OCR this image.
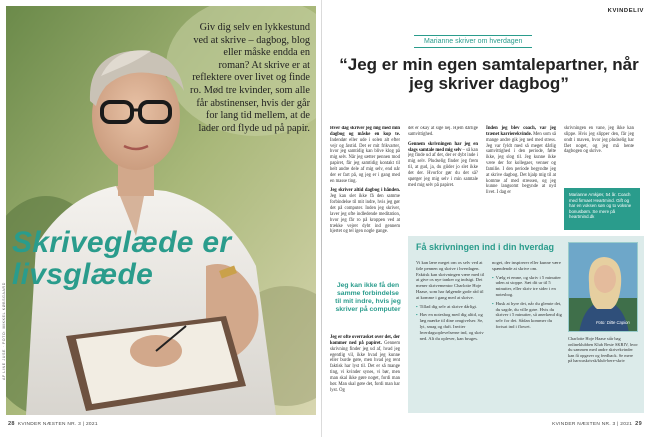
Giv dig selv en lykkestund ved at skrive – dagbog, blog eller måske endda en roman? At skrive er at reflektere over livet og finde ro. Mød tre kvinder, som alle får abstinenser, hvis der går for lang tid mellem, at de lader ord flyde ud på papir.
Skriveglæde er livsglæde
AF LINE JUSE · FOTO: MIKKEL KØBSGAARD
28 KVINDER NÆSTEN NR. 3 | 2021
KVINDELIV
Marianne skriver om hverdagen
“Jeg er min egen samtalepartner, når jeg skriver dagbog”

Hver dag skriver jeg mig med min dagbog og måske en kop te. Indendør eller ude i solen alt efter vejr og årstid. Det er mit frikvarter, hvor jeg samtidig kan blive klog på mig selv. Når jeg sætter pennen mod papiret, får jeg samtidig kontakt til helt andre dele af mig selv, end når der er fart på, og jeg er i gang med en masse ting.

Jeg skriver altid dagbog i hånden. Jeg kan slet ikke få den samme forbindelse til mit indre, hvis jeg gør det på computer. Inden jeg skriver, laver jeg ofte indledende meditation, hvor jeg får ro på kroppen ved at trække vejret dybt ind gennem hjertet og tel igen nogle gange.

Jeg kan ikke få den samme forbindelse til mit indre, hvis jeg skriver på computer

Jeg er ofte overrasket over det, der kommer ned på papiret. Gennem skrivning finder jeg ud af, hvad jeg egentlig vil, ikke hvad jeg kunne eller burde gøre, men hvad jeg rent faktisk har lyst til. Det er så mange ting, vi kvinder synes, vi bør, men man skal ikke gøre noget, fordi man bør. Man skal gøre det, fordi man har lyst. Og

det er okay at sige nej. Hjem dårlige samvittighed.

Gennem skrivningen har jeg en slags samtale med mig selv – så kan jeg finde ud af det, der er dybt inde i mig selv. Pludselig finder jeg frem til, at gud, ja, du giider jo slet ikke det der. Hvorfor gør du det så? spørger jeg mig selv i min samtale med mig selv på papiret.

Inden jeg blev coach, var jeg trænet karrierekvinde. Men som så mange andre gik jeg ned med stress. Jeg var fyldt med så meget dårlig samvittighed i den periode, følte ikke, jeg slog til. Jeg kunne ikke være der for kollegaer, venner og familie. I den periode begyndte jeg at skrive dagbog. Det hjalp mig til at komme af med stressen, og jeg kunne langsomt begynde at nyd livet. I dag er

skrivningen en vane, jeg ikke kan slippe. Hvis jeg slipper den, får jeg ondt i maven, hvor jeg pludselig har fået noget, og jeg må hente dagbogen og skrive.

Marianne Amkjær, 54 år. Coach med firmaet Heartmind. Gift og har en voksen søn og to voksne bonusbørn. Se mere på heartmind.dk
Få skrivningen ind i din hverdag

Vi kan lære meget om os selv ved at føle pennen og skrive i hverdagen. Faktisk kan skrivningen være med til at give os nye tanker og indsigt. Det mener skrivementor Charlotte Hoje Haase, som har følgende gode råd til at komme i gang med at skrive.

• Tillad dig selv at skrive dårligt.
• Hav en notesbog med dig altid, og læg mærke til dine omgivelser. Se, lyt, smag og duft. Inviter hverdagsoplevelserne ind, og skriv ned. Alt du oplever, kan bruges.

noget, der inspirerer eller kunne være spændende at skrive om.

• Vælg et emne, og skriv i 5 minutter uden at stoppe. Sæt dit ur til 5 minutter, eller skriv tre sider i en notesbog.
• Husk at hyre det, når du glemte det, du sagde, du ville gøre. Hvis du skriver i 5 minutter, så anerkend dig selv for det. Sådan kommer du fortsat ind i flowet.
Foto: Ditte Capion
Charlotte Hoje Haase står bag onlineklubben Klub Beste SKRIV, hvor du sammen med andre skrivekvinder kan få opgaver og feedback. Se mere på harwaskrivsk/klub-bere-skriv
KVINDER NÆSTEN NR. 3 | 2021 29
